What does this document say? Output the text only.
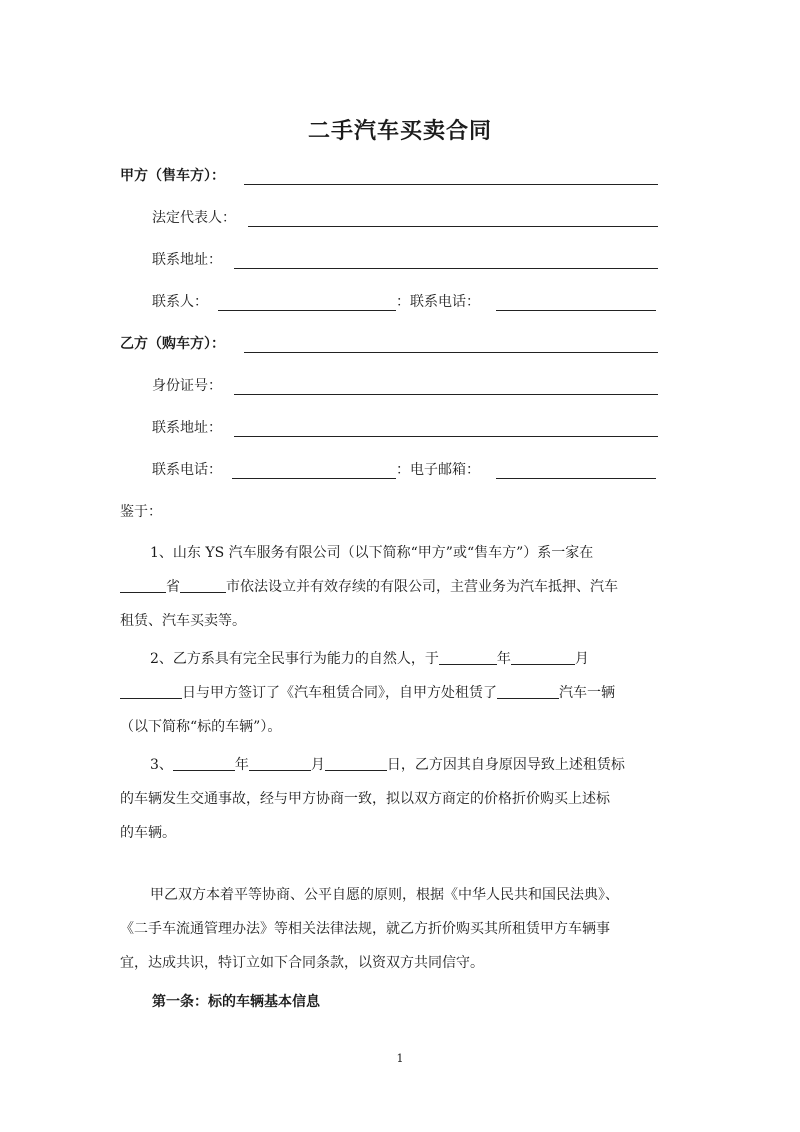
二手汽车买卖合同
甲方（售车方）：
法定代表人：
联系地址：
联系人：	：联系电话：
乙方（购车方）：
身份证号：
联系地址：
联系电话：	：电子邮箱：
鉴于：

1、山东 YS 汽车服务有限公司（以下简称“甲方”或“售车方”）系一家在

省	市依法设立并有效存续的有限公司，主营业务为汽车抵押、汽车

租赁、汽车买卖等。

2、乙方系具有完全民事行为能力的自然人，于	年	月

日与甲方签订了《汽车租赁合同》，自甲方处租赁了	汽车一辆

（以下简称“标的车辆”）。

3、	年	月	日，乙方因其自身原因导致上述租赁标

的车辆发生交通事故，经与甲方协商一致，拟以双方商定的价格折价购买上述标

的车辆。

甲乙双方本着平等协商、公平自愿的原则，根据《中华人民共和国民法典》、

《二手车流通管理办法》等相关法律法规，就乙方折价购买其所租赁甲方车辆事

宜，达成共识，特订立如下合同条款，以资双方共同信守。

第一条：标的车辆基本信息
1
